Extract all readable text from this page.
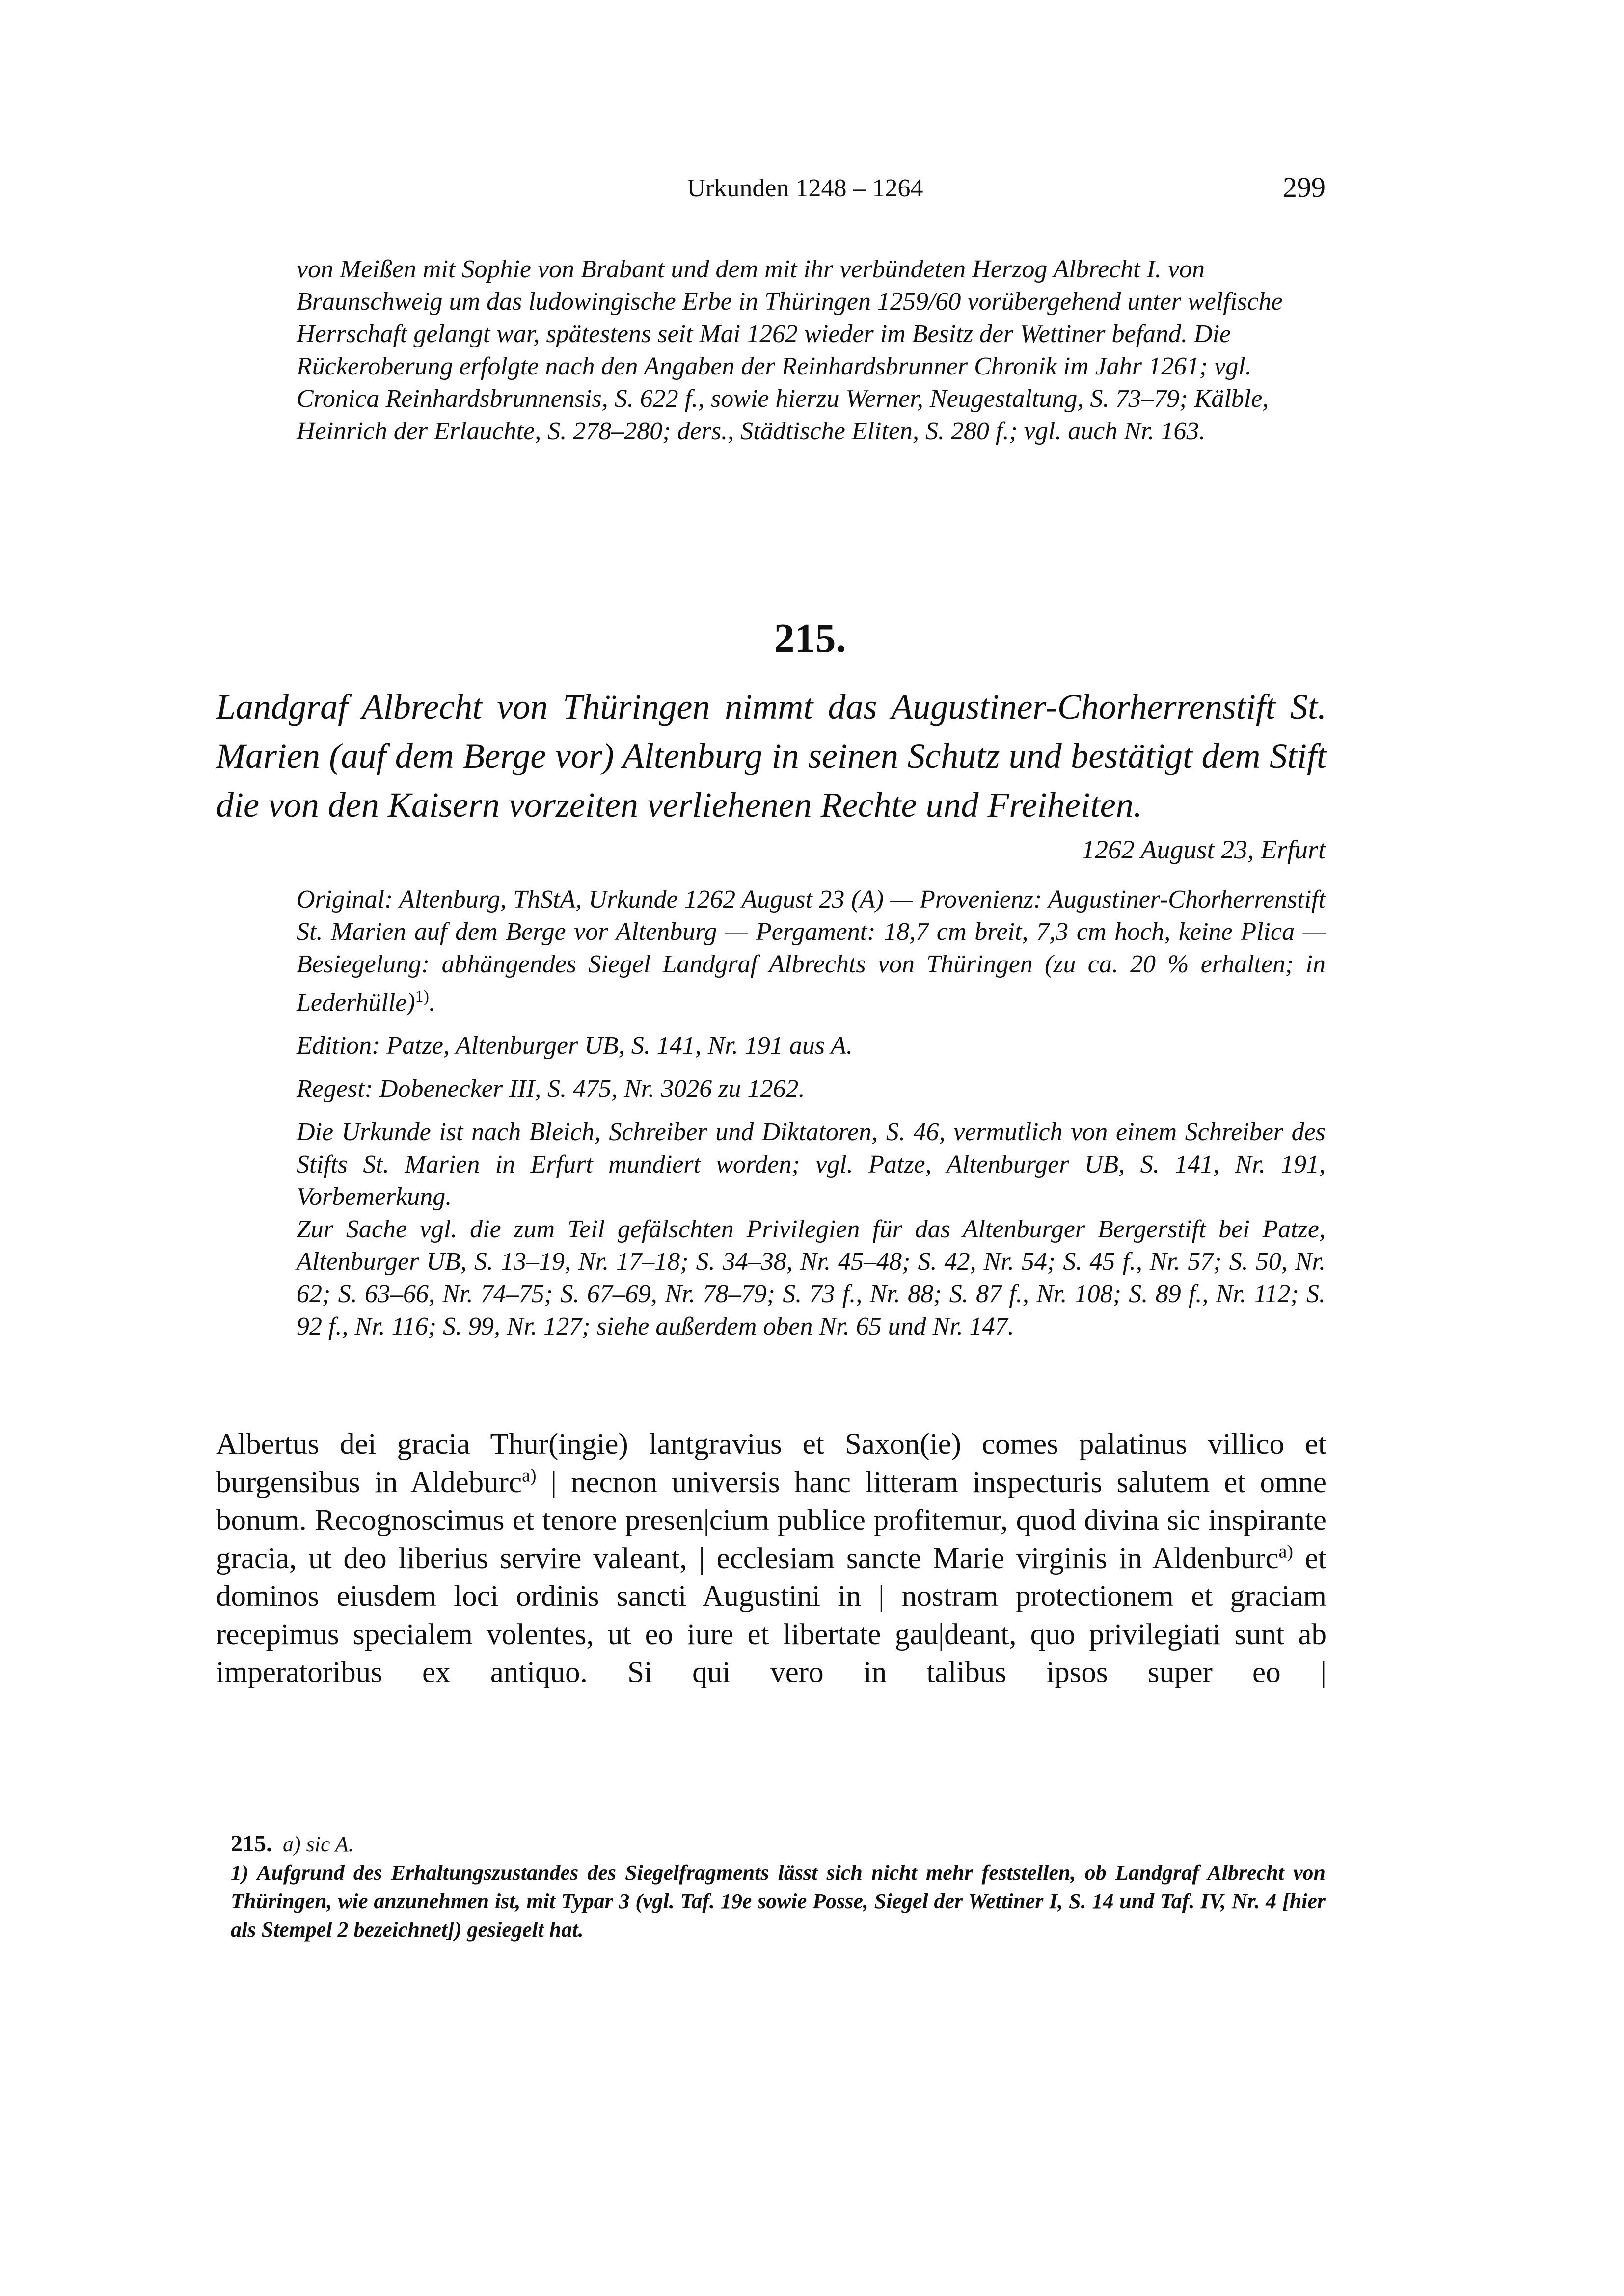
Urkunden 1248 – 1264	299
von Meißen mit Sophie von Brabant und dem mit ihr verbündeten Herzog Albrecht I. von Braunschweig um das ludowingische Erbe in Thüringen 1259/60 vorübergehend unter welfische Herrschaft gelangt war, spätestens seit Mai 1262 wieder im Besitz der Wettiner befand. Die Rückeroberung erfolgte nach den Angaben der Reinhardsbrunner Chronik im Jahr 1261; vgl. Cronica Reinhardsbrunnensis, S. 622 f., sowie hierzu Werner, Neugestaltung, S. 73–79; Kälble, Heinrich der Erlauchte, S. 278–280; ders., Städtische Eliten, S. 280 f.; vgl. auch Nr. 163.
215.
Landgraf Albrecht von Thüringen nimmt das Augustiner-Chorherrenstift St. Marien (auf dem Berge vor) Altenburg in seinen Schutz und bestätigt dem Stift die von den Kaisern vorzeiten verliehenen Rechte und Freiheiten.
1262 August 23, Erfurt

Original: Altenburg, ThStA, Urkunde 1262 August 23 (A) — Provenienz: Augustiner-Chorherrenstift St. Marien auf dem Berge vor Altenburg — Pergament: 18,7 cm breit, 7,3 cm hoch, keine Plica — Besiegelung: abhängendes Siegel Landgraf Albrechts von Thüringen (zu ca. 20 % erhalten; in Lederhülle)$^{1)}$.

Edition: Patze, Altenburger UB, S. 141, Nr. 191 aus A.

Regest: Dobenecker III, S. 475, Nr. 3026 zu 1262.

Die Urkunde ist nach Bleich, Schreiber und Diktatoren, S. 46, vermutlich von einem Schreiber des Stifts St. Marien in Erfurt mundiert worden; vgl. Patze, Altenburger UB, S. 141, Nr. 191, Vorbemerkung.

Zur Sache vgl. die zum Teil gefälschten Privilegien für das Altenburger Bergerstift bei Patze, Altenburger UB, S. 13–19, Nr. 17–18; S. 34–38, Nr. 45–48; S. 42, Nr. 54; S. 45 f., Nr. 57; S. 50, Nr. 62; S. 63–66, Nr. 74–75; S. 67–69, Nr. 78–79; S. 73 f., Nr. 88; S. 87 f., Nr. 108; S. 89 f., Nr. 112; S. 92 f., Nr. 116; S. 99, Nr. 127; siehe außerdem oben Nr. 65 und Nr. 147.

Albertus dei gracia Thur(ingie) lantgravius et Saxon(ie) comes palatinus villico et burgensibus in Aldeburc$^{a)}$ | necnon universis hanc litteram inspecturis salutem et omne bonum. Recognoscimus et tenore presen|cium publice profitemur, quod divina sic inspirante gracia, ut deo liberius servire valeant, | ecclesiam sancte Marie virginis in Aldenburc$^{a)}$ et dominos eiusdem loci ordinis sancti Augustini in | nostram protectionem et graciam recepimus specialem volentes, ut eo iure et libertate gau|deant, quo privilegiati sunt ab imperatoribus ex antiquo. Si qui vero in talibus ipsos super eo |

215. a) sic A.

1) Aufgrund des Erhaltungszustandes des Siegelfragments lässt sich nicht mehr feststellen, ob Landgraf Albrecht von Thüringen, wie anzunehmen ist, mit Typar 3 (vgl. Taf. 19e sowie Posse, Siegel der Wettiner I, S. 14 und Taf. IV, Nr. 4 [hier als Stempel 2 bezeichnet]) gesiegelt hat.
